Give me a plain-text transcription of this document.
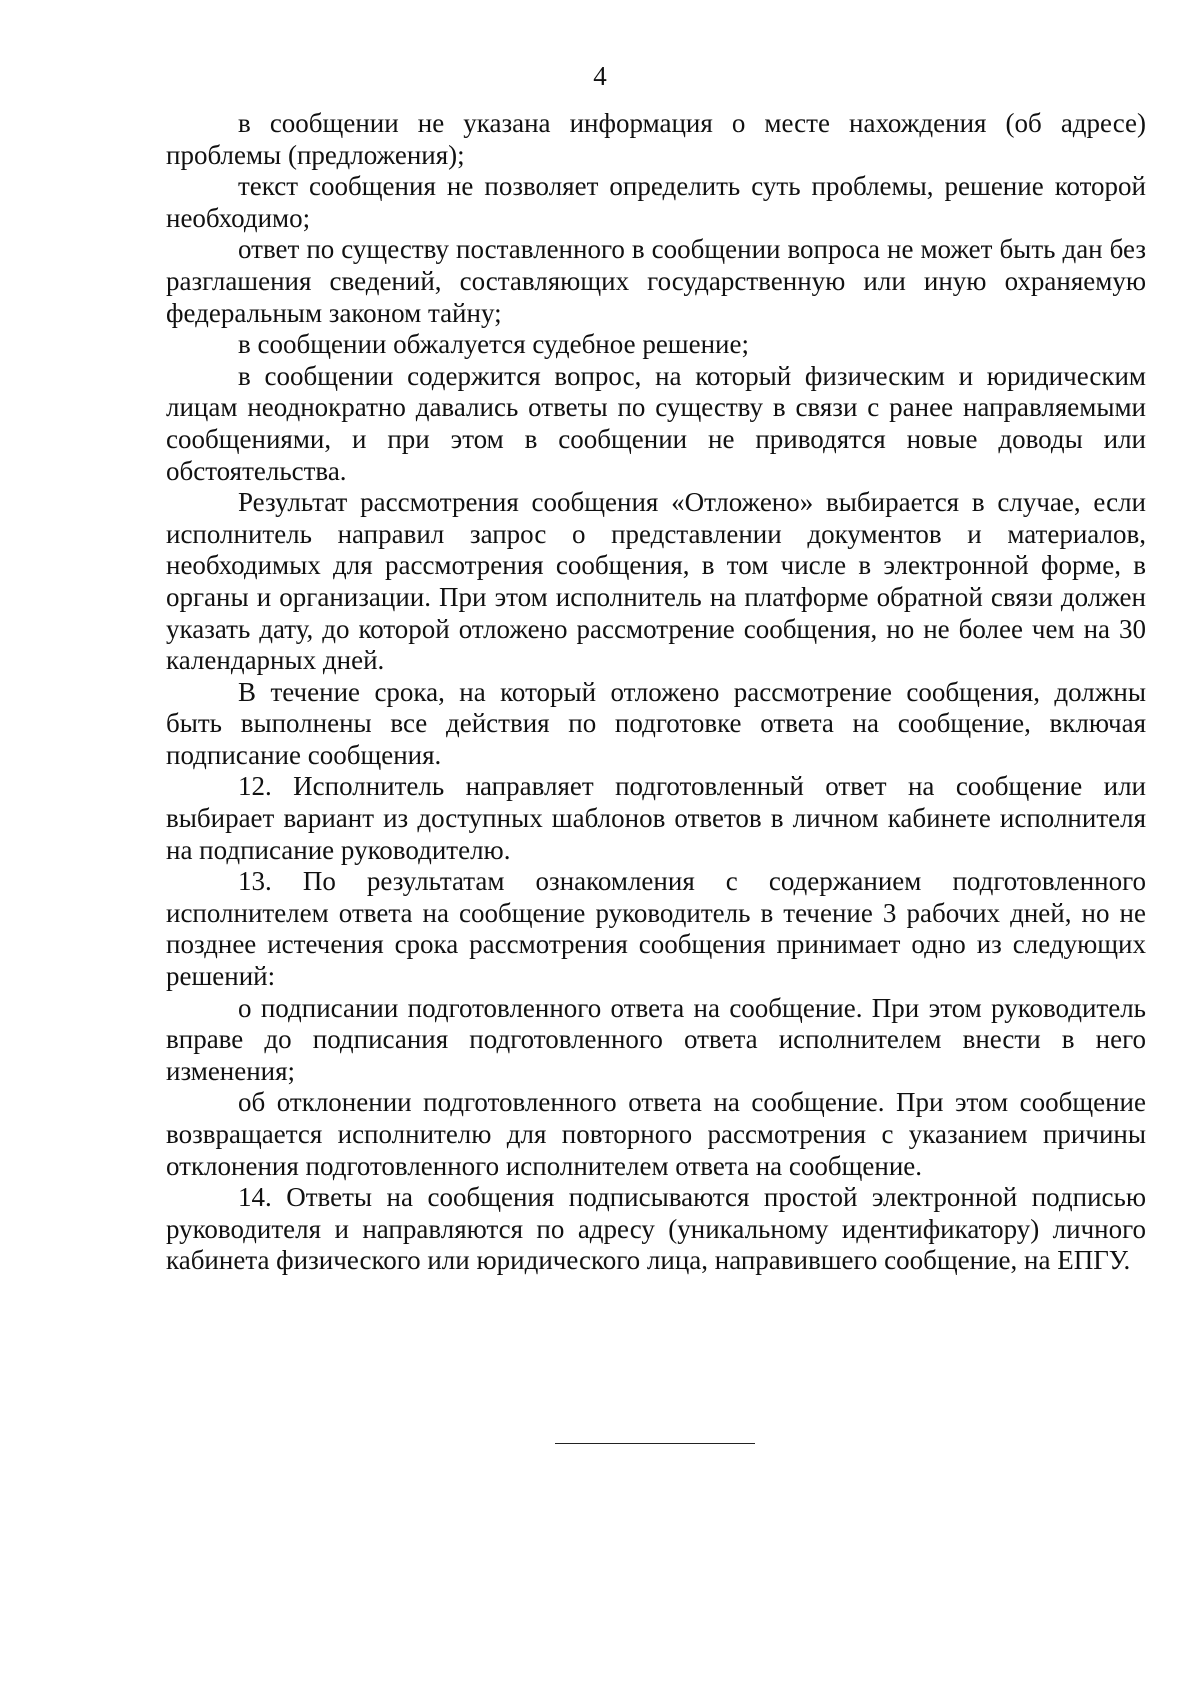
4

в сообщении не указана информация о месте нахождения (об адресе) проблемы (предложения);

текст сообщения не позволяет определить суть проблемы, решение которой необходимо;

ответ по существу поставленного в сообщении вопроса не может быть дан без разглашения сведений, составляющих государственную или иную охраняемую федеральным законом тайну;

в сообщении обжалуется судебное решение;

в сообщении содержится вопрос, на который физическим и юридическим лицам неоднократно давались ответы по существу в связи с ранее направляемыми сообщениями, и при этом в сообщении не приводятся новые доводы или обстоятельства.

Результат рассмотрения сообщения «Отложено» выбирается в случае, если исполнитель направил запрос о представлении документов и материалов, необходимых для рассмотрения сообщения, в том числе в электронной форме, в органы и организации. При этом исполнитель на платформе обратной связи должен указать дату, до которой отложено рассмотрение сообщения, но не более чем на 30 календарных дней.

В течение срока, на который отложено рассмотрение сообщения, должны быть выполнены все действия по подготовке ответа на сообщение, включая подписание сообщения.

12. Исполнитель направляет подготовленный ответ на сообщение или выбирает вариант из доступных шаблонов ответов в личном кабинете исполнителя на подписание руководителю.

13. По результатам ознакомления с содержанием подготовленного исполнителем ответа на сообщение руководитель в течение 3 рабочих дней, но не позднее истечения срока рассмотрения сообщения принимает одно из следующих решений:

о подписании подготовленного ответа на сообщение. При этом руководитель вправе до подписания подготовленного ответа исполнителем внести в него изменения;

об отклонении подготовленного ответа на сообщение. При этом сообщение возвращается исполнителю для повторного рассмотрения с указанием причины отклонения подготовленного исполнителем ответа на сообщение.

14. Ответы на сообщения подписываются простой электронной подписью руководителя и направляются по адресу (уникальному идентификатору) личного кабинета физического или юридического лица, направившего сообщение, на ЕПГУ.
